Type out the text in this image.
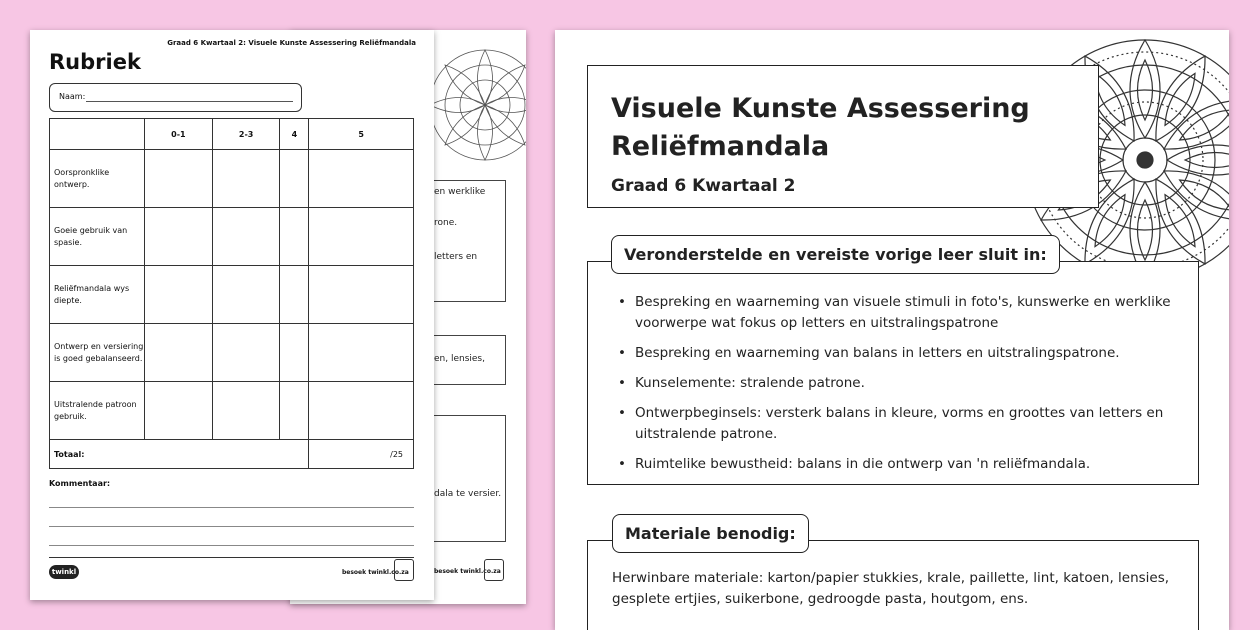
en werklike
rone.
letters en
en, lensies,
dala te versier.
besoek twinkl.co.za
Graad 6 Kwartaal 2: Visuele Kunste Assessering Reliëfmandala
Rubriek
Naam:
	0-1	2-3	4	5
Oorspronklike ontwerp.				
Goeie gebruik van spasie.				
Reliëfmandala wys diepte.				
Ontwerp en versiering is goed gebalanseerd.				
Uitstralende patroon gebruik.				
Totaal:				/25
Kommentaar:
twinkl	besoek twinkl.co.za
Visuele Kunste Assessering
Reliëfmandala
Graad 6 Kwartaal 2
Veronderstelde en vereiste vorige leer sluit in:
• Bespreking en waarneming van visuele stimuli in foto's, kunswerke en werklike voorwerpe wat fokus op letters en uitstralingspatrone
• Bespreking en waarneming van balans in letters en uitstralingspatrone.
• Kunselemente: stralende patrone.
• Ontwerpbeginsels: versterk balans in kleure, vorms en groottes van letters en uitstralende patrone.
• Ruimtelike bewustheid: balans in die ontwerp van 'n reliëfmandala.
Materiale benodig:
Herwinbare materiale: karton/papier stukkies, krale, paillette, lint, katoen, lensies, gesplete ertjies, suikerbone, gedroogde pasta, houtgom, ens.
